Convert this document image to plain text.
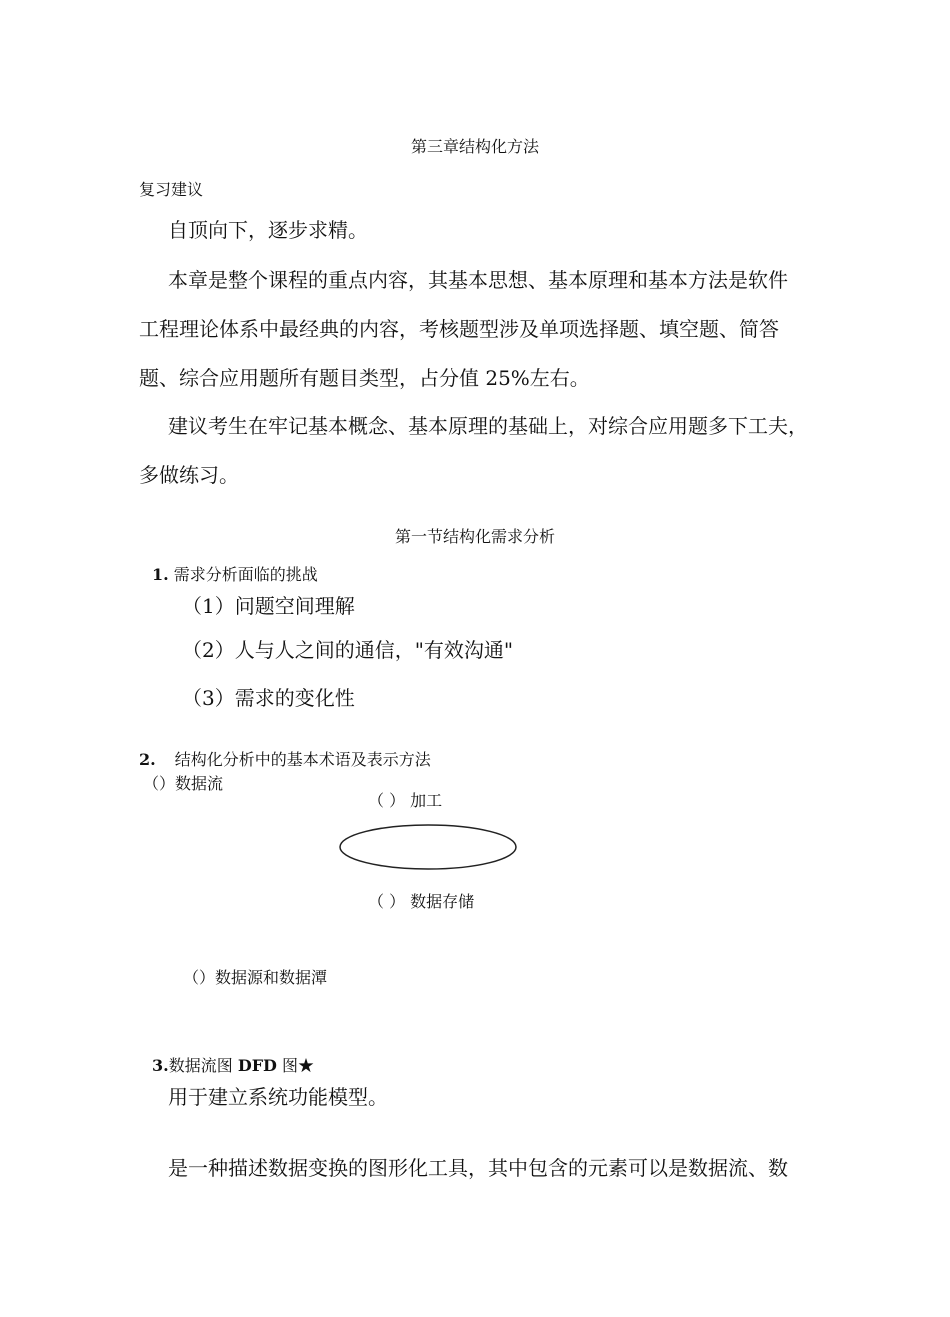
第三章结构化方法
复习建议
自顶向下，逐步求精。
本章是整个课程的重点内容，其基本思想、基本原理和基本方法是软件
工程理论体系中最经典的内容，考核题型涉及单项选择题、填空题、简答
题、综合应用题所有题目类型，占分值 25%左右。
建议考生在牢记基本概念、基本原理的基础上，对综合应用题多下工夫，
多做练习。
第一节结构化需求分析
1. 需求分析面临的挑战
（1）问题空间理解
（2）人与人之间的通信，"有效沟通"
（3）需求的变化性
2. 结构化分析中的基本术语及表示方法
（）数据流
（ ） 加工
（ ） 数据存储
（）数据源和数据潭
3.数据流图 DFD 图★
用于建立系统功能模型。
是一种描述数据变换的图形化工具，其中包含的元素可以是数据流、数
